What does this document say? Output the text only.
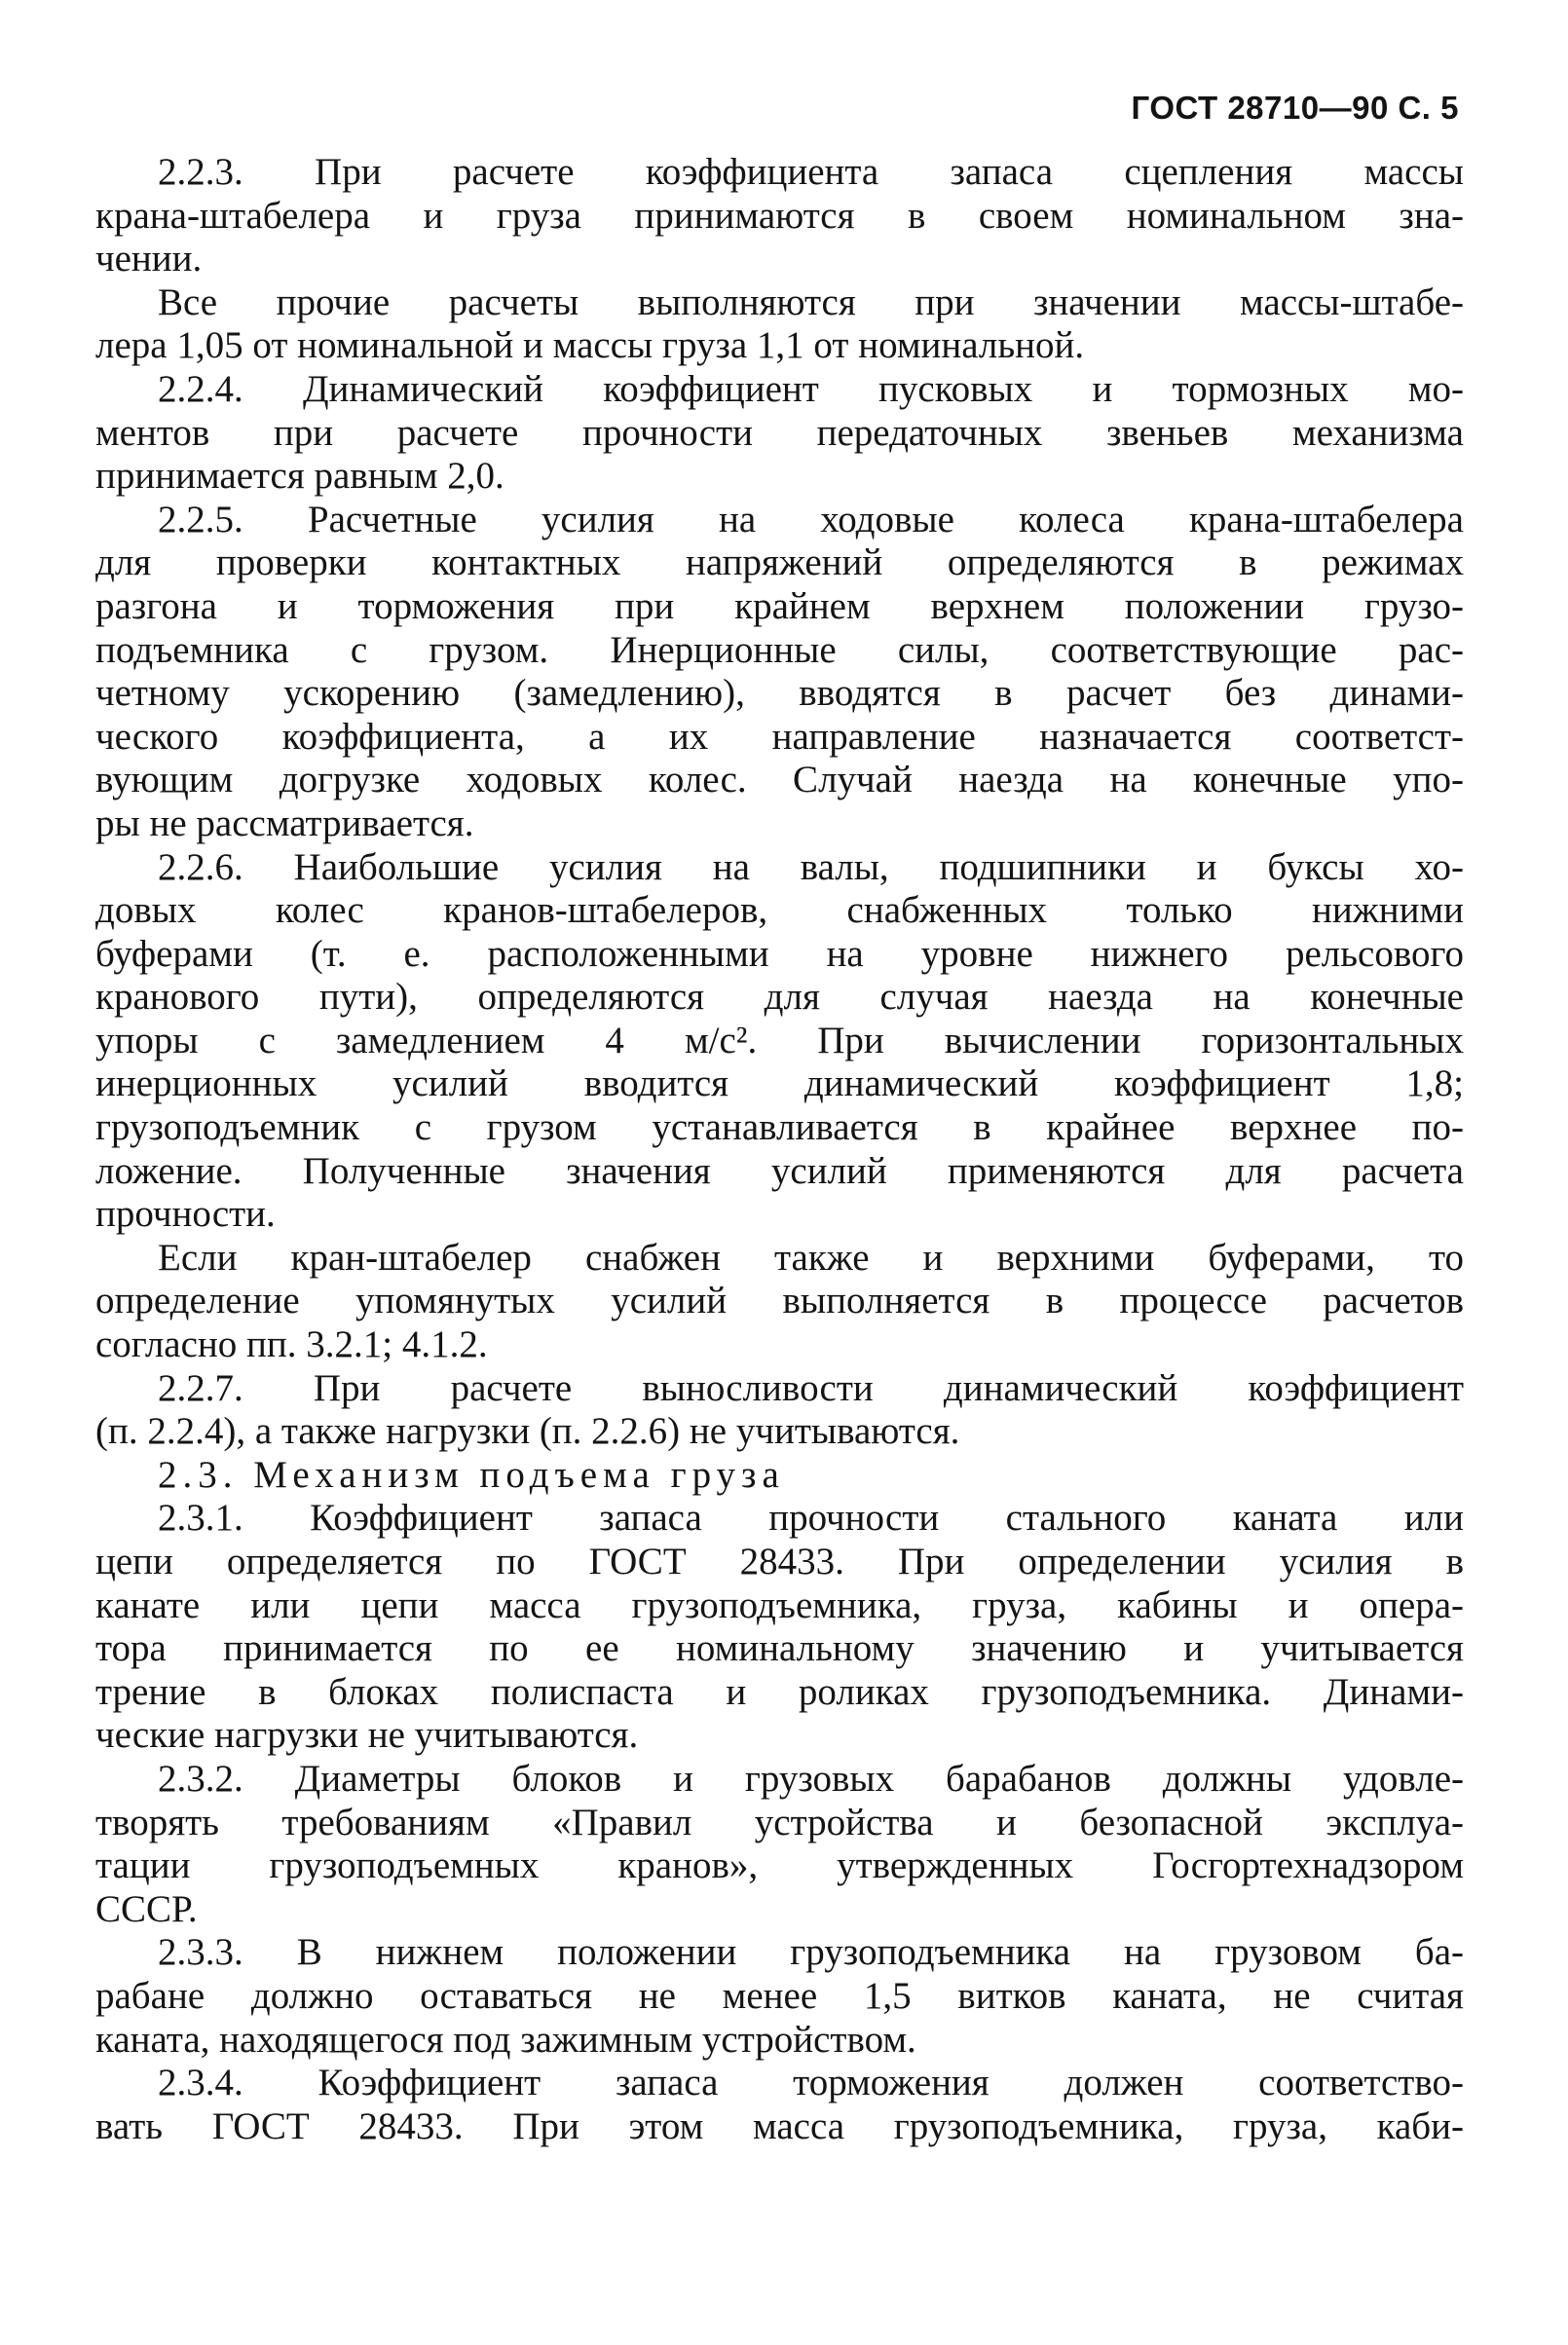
ГОСТ 28710—90 С. 5
2.2.3. При расчете коэффициента запаса сцепления массы
крана-штабелера и груза принимаются в своем номинальном зна-
чении.
Все прочие расчеты выполняются при значении массы-штабе-
лера 1,05 от номинальной и массы груза 1,1 от номинальной.
2.2.4. Динамический коэффициент пусковых и тормозных мо-
ментов при расчете прочности передаточных звеньев механизма
принимается равным 2,0.
2.2.5. Расчетные усилия на ходовые колеса крана-штабелера
для проверки контактных напряжений определяются в режимах
разгона и торможения при крайнем верхнем положении грузо-
подъемника с грузом. Инерционные силы, соответствующие рас-
четному ускорению (замедлению), вводятся в расчет без динами-
ческого коэффициента, а их направление назначается соответст-
вующим догрузке ходовых колес. Случай наезда на конечные упо-
ры не рассматривается.
2.2.6. Наибольшие усилия на валы, подшипники и буксы хо-
довых колес кранов-штабелеров, снабженных только нижними
буферами (т. е. расположенными на уровне нижнего рельсового
кранового пути), определяются для случая наезда на конечные
упоры с замедлением 4 м/с². При вычислении горизонтальных
инерционных усилий вводится динамический коэффициент 1,8;
грузоподъемник с грузом устанавливается в крайнее верхнее по-
ложение. Полученные значения усилий применяются для расчета
прочности.
Если кран-штабелер снабжен также и верхними буферами, то
определение упомянутых усилий выполняется в процессе расчетов
согласно пп. 3.2.1; 4.1.2.
2.2.7. При расчете выносливости динамический коэффициент
(п. 2.2.4), а также нагрузки (п. 2.2.6) не учитываются.
2.3. Механизм подъема груза
2.3.1. Коэффициент запаса прочности стального каната или
цепи определяется по ГОСТ 28433. При определении усилия в
канате или цепи масса грузоподъемника, груза, кабины и опера-
тора принимается по ее номинальному значению и учитывается
трение в блоках полиспаста и роликах грузоподъемника. Динами-
ческие нагрузки не учитываются.
2.3.2. Диаметры блоков и грузовых барабанов должны удовле-
творять требованиям «Правил устройства и безопасной эксплуа-
тации грузоподъемных кранов», утвержденных Госгортехнадзором
СССР.
2.3.3. В нижнем положении грузоподъемника на грузовом ба-
рабане должно оставаться не менее 1,5 витков каната, не считая
каната, находящегося под зажимным устройством.
2.3.4. Коэффициент запаса торможения должен соответство-
вать ГОСТ 28433. При этом масса грузоподъемника, груза, каби-
